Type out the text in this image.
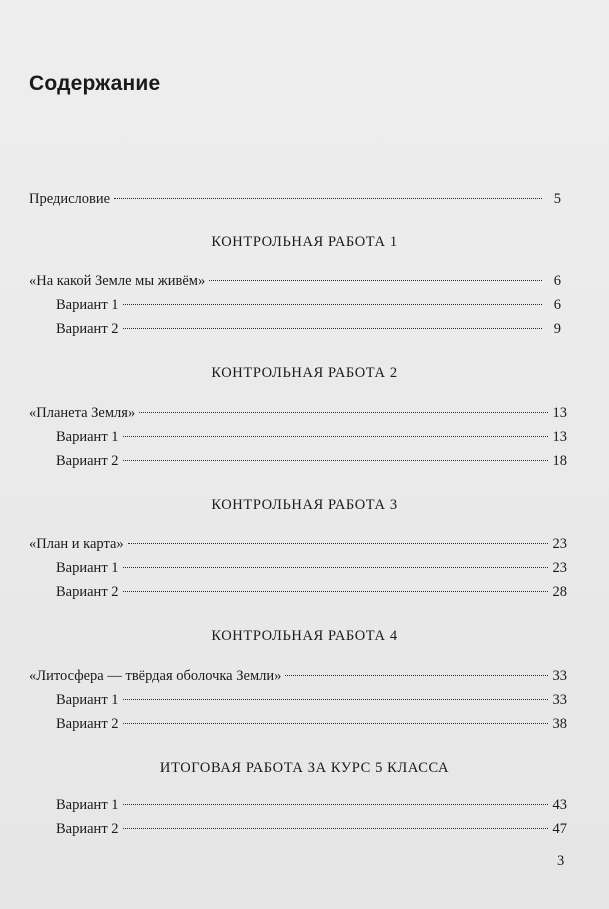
Содержание
Предисловие	5
КОНТРОЛЬНАЯ РАБОТА 1
«На какой Земле мы живём»	6
Вариант 1	6
Вариант 2	9
КОНТРОЛЬНАЯ РАБОТА 2
«Планета Земля»	13
Вариант 1	13
Вариант 2	18
КОНТРОЛЬНАЯ РАБОТА 3
«План и карта»	23
Вариант 1	23
Вариант 2	28
КОНТРОЛЬНАЯ РАБОТА 4
«Литосфера — твёрдая оболочка Земли»	33
Вариант 1	33
Вариант 2	38
ИТОГОВАЯ РАБОТА ЗА КУРС 5 КЛАССА
Вариант 1	43
Вариант 2	47
3
